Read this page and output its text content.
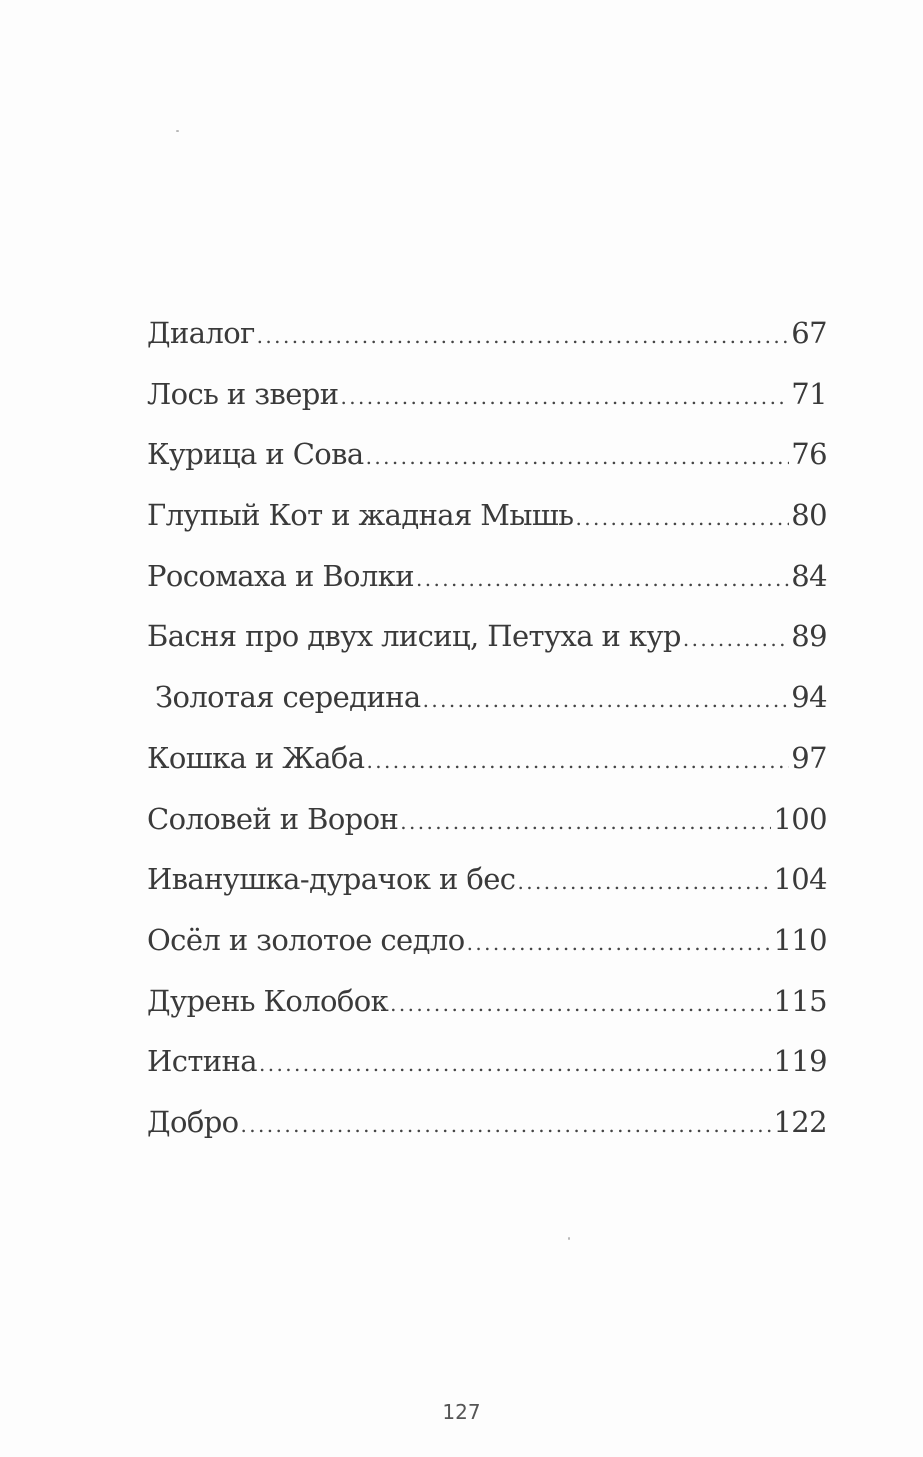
Диалог .....	67
Лось и звери .....	71
Курица и Сова .....	76
Глупый Кот и жадная Мышь .....	80
Росомаха и Волки .....	84
Басня про двух лисиц, Петуха и кур .....	89
Золотая середина .....	94
Кошка и Жаба .....	97
Соловей и Ворон .....	100
Иванушка-дурачок и бес .....	104
Осёл и золотое седло .....	110
Дурень Колобок .....	115
Истина .....	119
Добро .....	122
127
